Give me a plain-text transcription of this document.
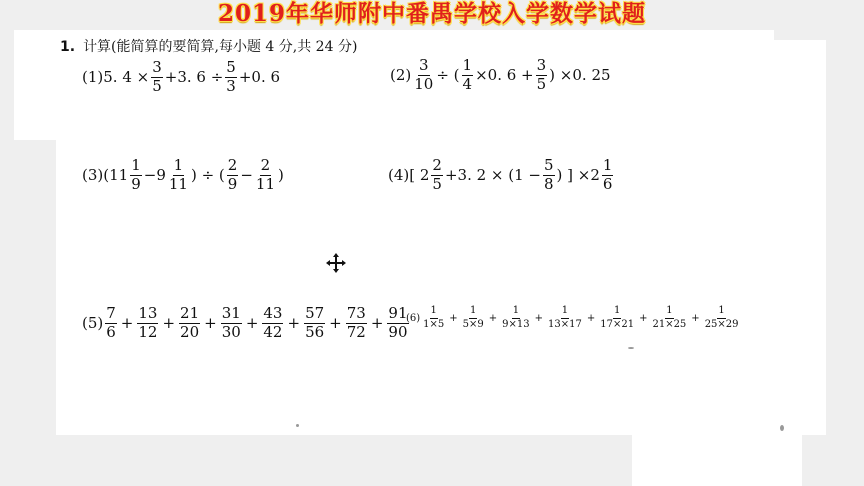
2019年华师附中番禺学校入学数学试题
1. 计算(能简算的要简算,每小题 4 分,共 24 分)
(1) 5. $4 \times \frac{3}{5} +3$. $6 \div \frac{5}{3} +0$. 6	$(2) \frac{3}{10}$ ÷ ( $\frac{1}{4} \times 0$. $6 + \frac{3}{5}$ ) ×0. 25
(3) ($11 \frac{1}{9} -9 \frac{1}{11}$ ) ÷ ( $\frac{2}{9} - \frac{2}{11}$ )	(4) [ $2 \frac{2}{5} +3$. $2 \times (1 - \frac{5}{8}$ ) ] $\times 2 \frac{1}{6}$
$(5) \frac{7}{6} + \frac{13}{12} + \frac{21}{20} + \frac{31}{30} + \frac{43}{42} + \frac{57}{56} + \frac{73}{72} + \frac{91}{90}$
$(6) \frac{1}{1\times 5} + \frac{1}{5\times 9} + \frac{1}{9\times 13} + \frac{1}{13\times 17} + \frac{1}{17\times 21} + \frac{1}{21\times 25} + \frac{1}{25\times 29}$
